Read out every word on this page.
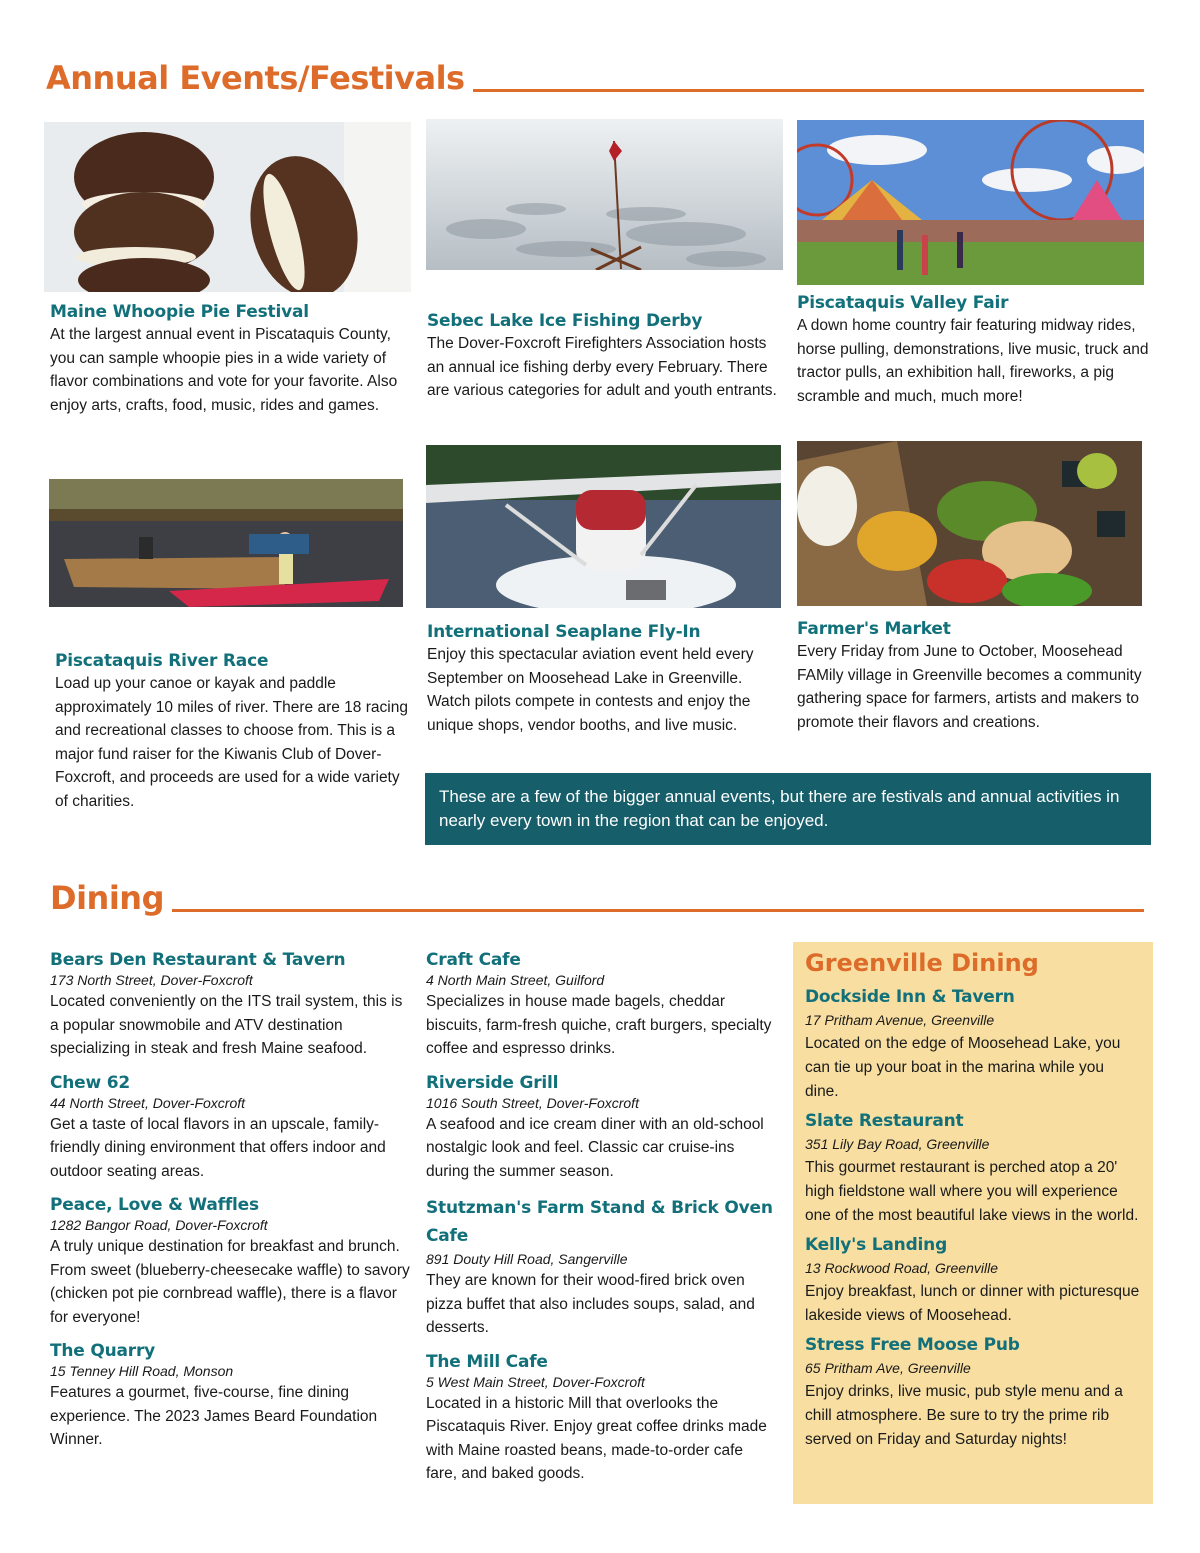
Annual Events/Festivals
Maine Whoopie Pie Festival

At the largest annual event in Piscataquis County, you can sample whoopie pies in a wide variety of flavor combinations and vote for your favorite. Also enjoy arts, crafts, food, music, rides and games.

Sebec Lake Ice Fishing Derby

The Dover-Foxcroft Firefighters Association hosts an annual ice fishing derby every February. There are various categories for adult and youth entrants.

Piscataquis Valley Fair

A down home country fair featuring midway rides, horse pulling, demonstrations, live music, truck and tractor pulls, an exhibition hall, fireworks, a pig scramble and much, much more!

Piscataquis River Race

Load up your canoe or kayak and paddle approximately 10 miles of river. There are 18 racing and recreational classes to choose from. This is a major fund raiser for the Kiwanis Club of Dover-Foxcroft, and proceeds are used for a wide variety of charities.

International Seaplane Fly-In

Enjoy this spectacular aviation event held every September on Moosehead Lake in Greenville. Watch pilots compete in contests and enjoy the unique shops, vendor booths, and live music.

Farmer's Market

Every Friday from June to October, Moosehead FAMily village in Greenville becomes a community gathering space for farmers, artists and makers to promote their flavors and creations.

These are a few of the bigger annual events, but there are festivals and annual activities in nearly every town in the region that can be enjoyed.
Dining
Bears Den Restaurant & Tavern

173 North Street, Dover-Foxcroft

Located conveniently on the ITS trail system, this is a popular snowmobile and ATV destination specializing in steak and fresh Maine seafood.

Chew 62

44 North Street, Dover-Foxcroft

Get a taste of local flavors in an upscale, family-friendly dining environment that offers indoor and outdoor seating areas.

Peace, Love & Waffles

1282 Bangor Road, Dover-Foxcroft

A truly unique destination for breakfast and brunch. From sweet (blueberry-cheesecake waffle) to savory (chicken pot pie cornbread waffle), there is a flavor for everyone!

The Quarry

15 Tenney Hill Road, Monson

Features a gourmet, five-course, fine dining experience. The 2023 James Beard Foundation Winner.

Craft Cafe

4 North Main Street, Guilford

Specializes in house made bagels, cheddar biscuits, farm-fresh quiche, craft burgers, specialty coffee and espresso drinks.

Riverside Grill

1016 South Street, Dover-Foxcroft

A seafood and ice cream diner with an old-school nostalgic look and feel. Classic car cruise-ins during the summer season.

Stutzman's Farm Stand & Brick Oven Cafe

891 Douty Hill Road, Sangerville

They are known for their wood-fired brick oven pizza buffet that also includes soups, salad, and desserts.

The Mill Cafe

5 West Main Street, Dover-Foxcroft

Located in a historic Mill that overlooks the Piscataquis River. Enjoy great coffee drinks made with Maine roasted beans, made-to-order cafe fare, and baked goods.

Greenville Dining
Dockside Inn & Tavern

17 Pritham Avenue, Greenville

Located on the edge of Moosehead Lake, you can tie up your boat in the marina while you dine.

Slate Restaurant

351 Lily Bay Road, Greenville

This gourmet restaurant is perched atop a 20' high fieldstone wall where you will experience one of the most beautiful lake views in the world.

Kelly's Landing

13 Rockwood Road, Greenville

Enjoy breakfast, lunch or dinner with picturesque lakeside views of Moosehead.

Stress Free Moose Pub

65 Pritham Ave, Greenville

Enjoy drinks, live music, pub style menu and a chill atmosphere. Be sure to try the prime rib served on Friday and Saturday nights!
